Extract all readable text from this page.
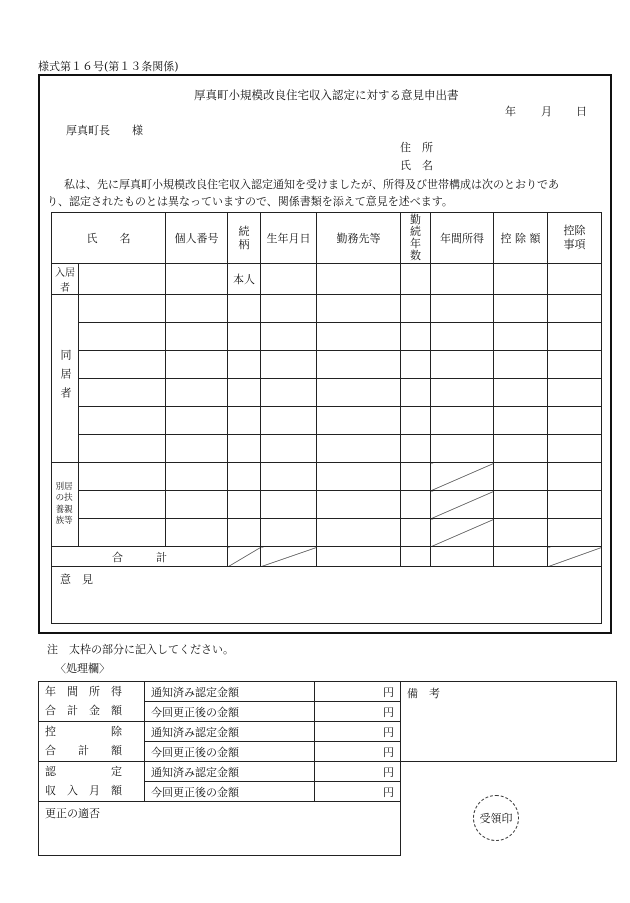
様式第１６号(第１３条関係)
厚真町小規模改良住宅収入認定に対する意見申出書
年 月 日
厚真町長　　様
住　所
氏　名
私は、先に厚真町小規模改良住宅収入認定通知を受けましたが、所得及び世帯構成は次のとおりであ
り、認定されたものとは異なっていますので、関係書類を添えて意見を述べます。
氏　　名		個人番号	続柄	生年月日	勤務先等	勤続年数	年間所得	控 除 額	控除事項
入居者			本人						
同居者									

別居の扶養親族等									

合　　　計									
意　見									
注　太枠の部分に記入してください。
〈処理欄〉
年　間　所　得
合　計　金　額	通知済み認定金額	円	備　考
	今回更正後の金額	円	
控　　　　　除
合　　計　　額	通知済み認定金額	円	
	今回更正後の金額	円	
認　　　　　定
収　入　月　額	通知済み認定金額	円	
	今回更正後の金額	円	
更正の適否				受領印
